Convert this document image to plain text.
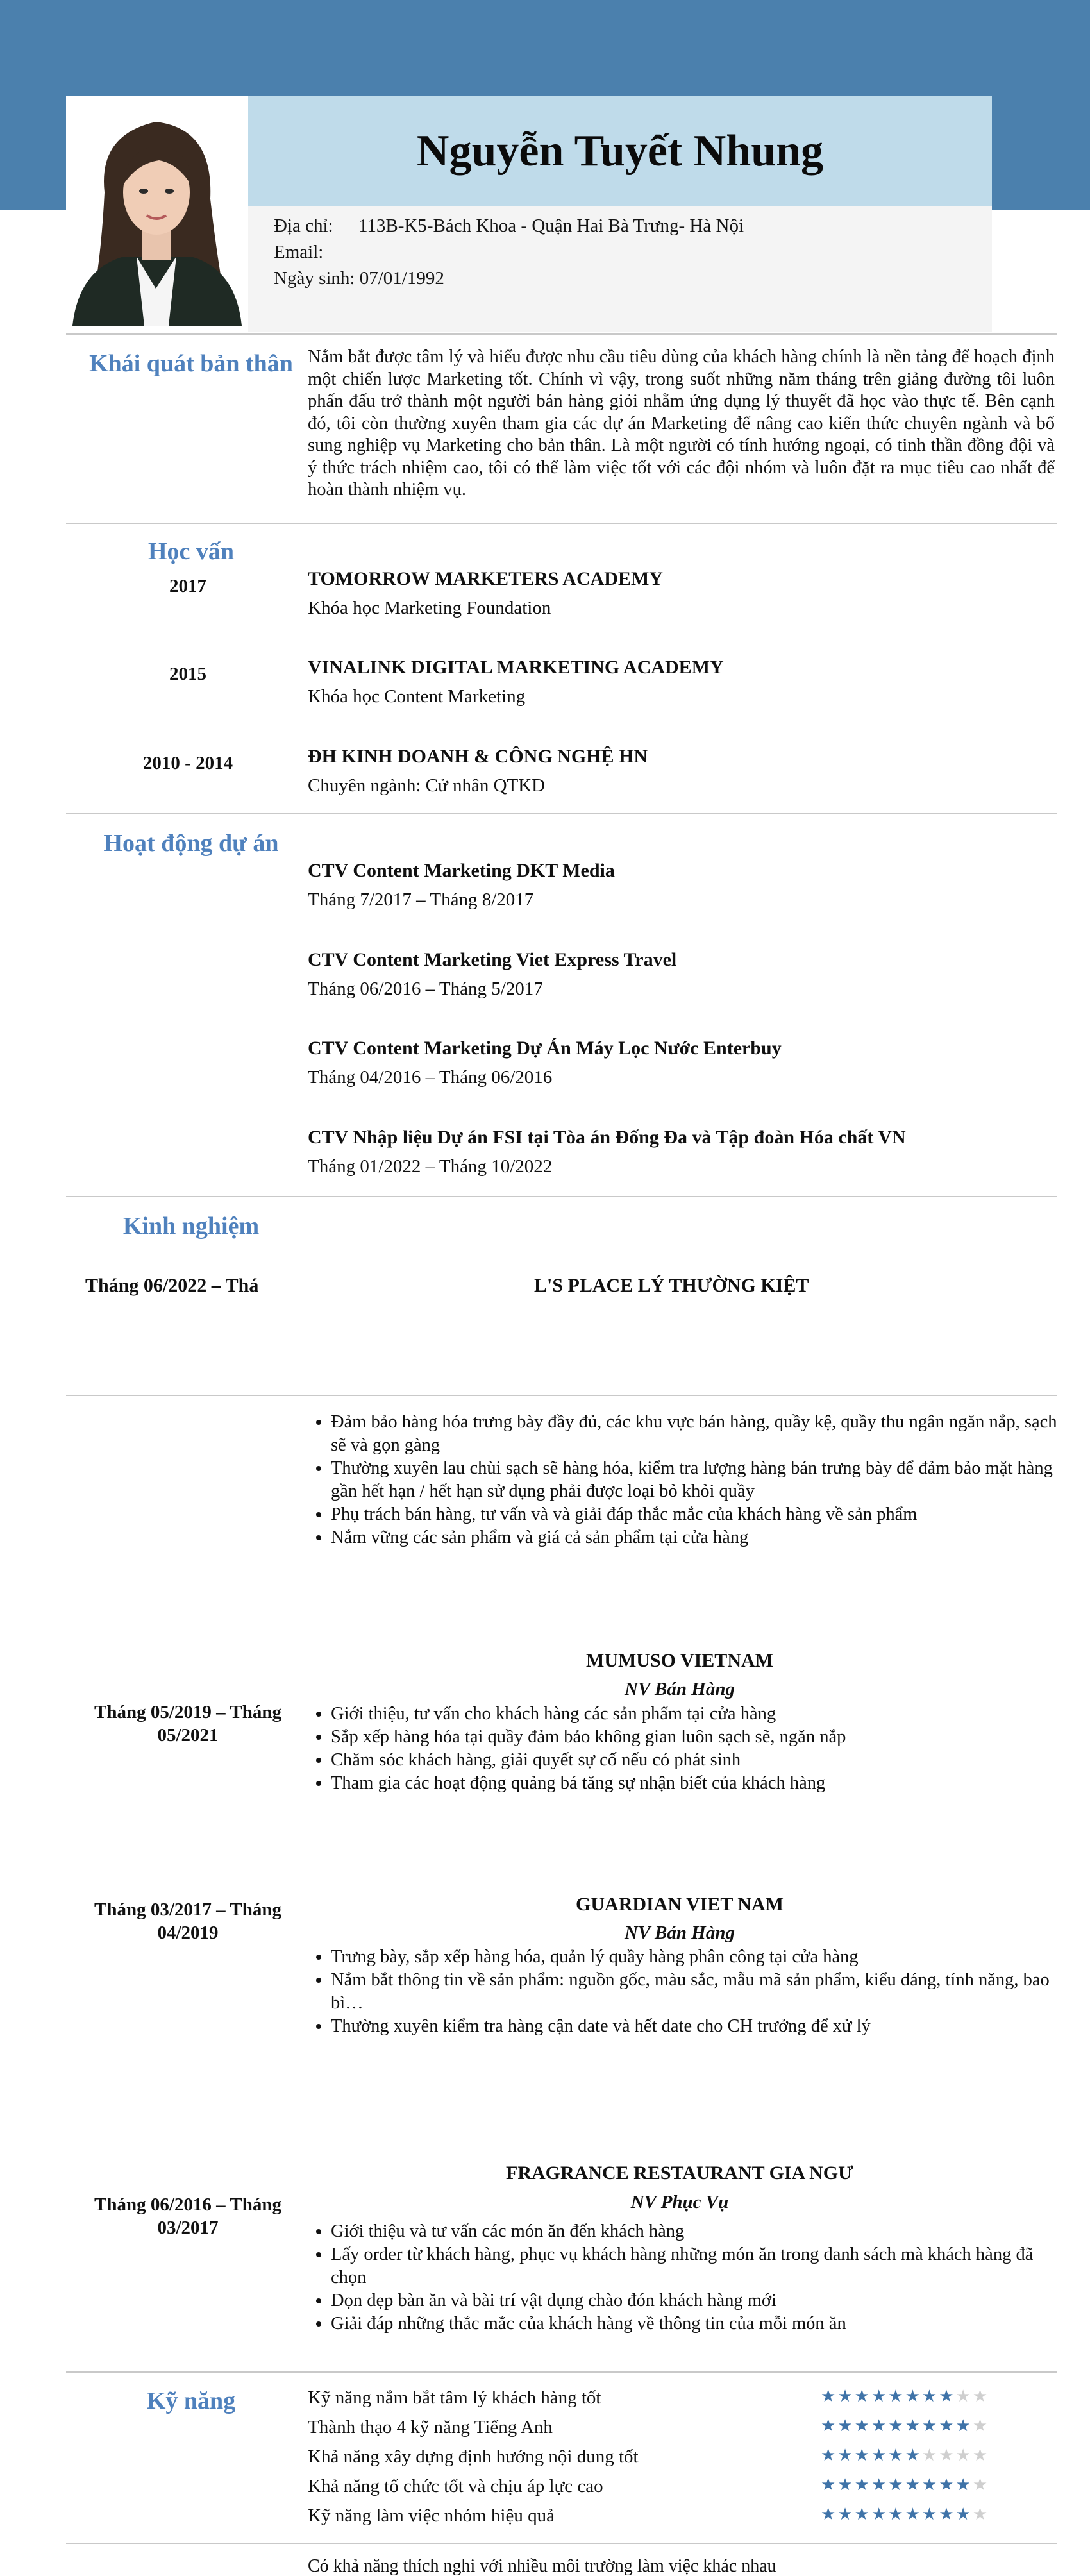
Nguyễn Tuyết Nhung
Địa chỉ: 113B-K5-Bách Khoa - Quận Hai Bà Trưng- Hà Nội
Email:
Ngày sinh: 07/01/1992
Khái quát bản thân Nắm bắt được tâm lý và hiểu được nhu cầu tiêu dùng của khách hàng chính là nền tảng để hoạch định một chiến lược Marketing tốt. Chính vì vậy, trong suốt những năm tháng trên giảng đường tôi luôn phấn đấu trở thành một người bán hàng giỏi nhằm ứng dụng lý thuyết đã học vào thực tế. Bên cạnh đó, tôi còn thường xuyên tham gia các dự án Marketing để nâng cao kiến thức chuyên ngành và bổ sung nghiệp vụ Marketing cho bản thân. Là một người có tính hướng ngoại, có tinh thần đồng đội và ý thức trách nhiệm cao, tôi có thể làm việc tốt với các đội nhóm và luôn đặt ra mục tiêu cao nhất để hoàn thành nhiệm vụ.
Học vấn
2017	TOMORROW MARKETERS ACADEMY
Khóa học Marketing Foundation
2015	VINALINK DIGITAL MARKETING ACADEMY
Khóa học Content Marketing
2010 - 2014	ĐH KINH DOANH & CÔNG NGHỆ HN
Chuyên ngành: Cử nhân QTKD
Hoạt động dự án
CTV Content Marketing DKT Media
Tháng 7/2017 – Tháng 8/2017
CTV Content Marketing Viet Express Travel
Tháng 06/2016 – Tháng 5/2017
CTV Content Marketing Dự Án Máy Lọc Nước Enterbuy
Tháng 04/2016 – Tháng 06/2016
CTV Nhập liệu Dự án FSI tại Tòa án Đống Đa và Tập đoàn Hóa chất VN
Tháng 01/2022 – Tháng 10/2022
Kinh nghiệm
Tháng 06/2022 – Thá	L'S PLACE LÝ THƯỜNG KIỆT
• Đảm bảo hàng hóa trưng bày đầy đủ, các khu vực bán hàng, quầy kệ, quầy thu ngân ngăn nắp, sạch sẽ và gọn gàng
• Thường xuyên lau chùi sạch sẽ hàng hóa, kiểm tra lượng hàng bán trưng bày để đảm bảo mặt hàng gần hết hạn / hết hạn sử dụng phải được loại bỏ khỏi quầy
• Phụ trách bán hàng, tư vấn và và giải đáp thắc mắc của khách hàng về sản phẩm
• Nắm vững các sản phẩm và giá cả sản phẩm tại cửa hàng
MUMUSO VIETNAM
NV Bán Hàng
Tháng 05/2019 – Tháng 05/2021
• Giới thiệu, tư vấn cho khách hàng các sản phẩm tại cửa hàng
• Sắp xếp hàng hóa tại quầy đảm bảo không gian luôn sạch sẽ, ngăn nắp
• Chăm sóc khách hàng, giải quyết sự cố nếu có phát sinh
• Tham gia các hoạt động quảng bá tăng sự nhận biết của khách hàng
GUARDIAN VIET NAM
NV Bán Hàng
Tháng 03/2017 – Tháng 04/2019
• Trưng bày, sắp xếp hàng hóa, quản lý quầy hàng phân công tại cửa hàng
• Nắm bắt thông tin về sản phẩm: nguồn gốc, màu sắc, mẫu mã sản phẩm, kiểu dáng, tính năng, bao bì…
• Thường xuyên kiểm tra hàng cận date và hết date cho CH trưởng để xử lý
FRAGRANCE RESTAURANT GIA NGƯ
NV Phục Vụ
Tháng 06/2016 – Tháng 03/2017
•	Giới thiệu và tư vấn các món ăn đến khách hàng
• Lấy order từ khách hàng, phục vụ khách hàng những món ăn trong danh sách mà khách hàng đã chọn
• Dọn dẹp bàn ăn và bài trí vật dụng chào đón khách hàng mới
• Giải đáp những thắc mắc của khách hàng về thông tin của mỗi món ăn
Kỹ năng	Kỹ năng nắm bắt tâm lý khách hàng tốt	★★★★★★★★★★
Thành thạo 4 kỹ năng Tiếng Anh	★★★★★★★★★★
Khả năng xây dựng định hướng nội dung tốt	★★★★★★★★★★
Khả năng tổ chức tốt và chịu áp lực cao	★★★★★★★★★★
Kỹ năng làm việc nhóm hiệu quả	★★★★★★★★★★
Có khả năng thích nghi với nhiều môi trường làm việc khác nhau
